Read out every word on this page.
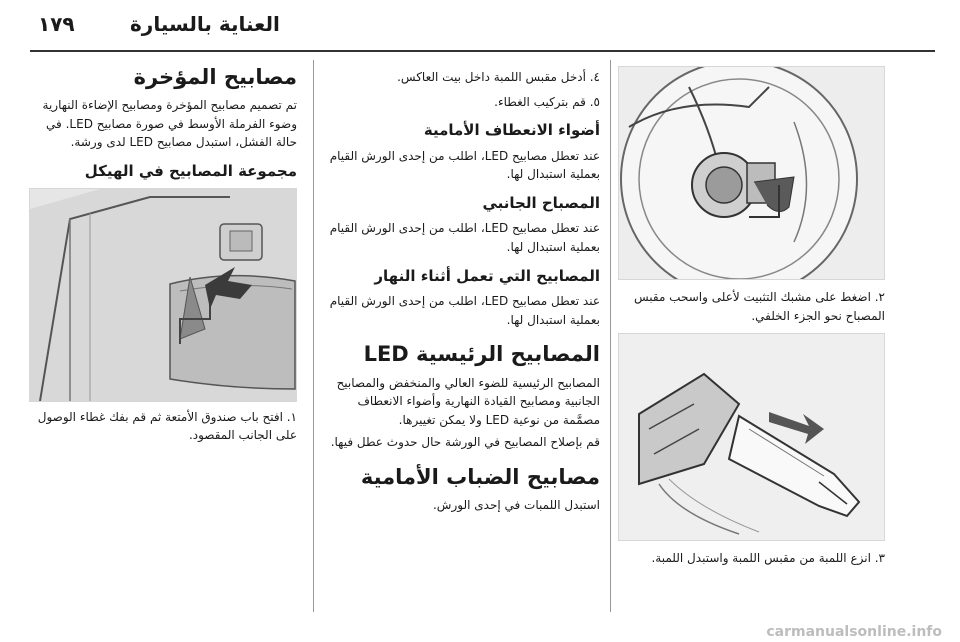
١٧٩	العناية بالسيارة
مصابيح المؤخرة

تم تصميم مصابيح المؤخرة ومصابيح الإضاءة النهارية وضوء الفرملة الأوسط في صورة مصابيح LED. في حالة الفشل، استبدل مصابيح LED لدى ورشة.

مجموعة المصابيح في الهيكل

١. افتح باب صندوق الأمتعة ثم قم بفك غطاء الوصول على الجانب المقصود.

٤. أدخل مقبس اللمبة داخل بيت العاكس.

٥. قم بتركيب الغطاء.

أضواء الانعطاف الأمامية

عند تعطل مصابيح LED، اطلب من إحدى الورش القيام بعملية استبدال لها.

المصباح الجانبي

عند تعطل مصابيح LED، اطلب من إحدى الورش القيام بعملية استبدال لها.

المصابيح التي تعمل أثناء النهار

عند تعطل مصابيح LED، اطلب من إحدى الورش القيام بعملية استبدال لها.

المصابيح الرئيسية LED

المصابيح الرئيسية للضوء العالي والمنخفض والمصابيح الجانبية ومصابيح القيادة النهارية وأضواء الانعطاف مصمَّمة من نوعية LED ولا يمكن تغييرها.

قم بإصلاح المصابيح في الورشة حال حدوث عطل فيها.

مصابيح الضباب الأمامية

استبدل اللمبات في إحدى الورش.

٢. اضغط على مشبك التثبيت لأعلى واسحب مقبس المصباح نحو الجزء الخلفي.

٣. انزع اللمبة من مقبس اللمبة واستبدل اللمبة.

carmanualsonline.info
